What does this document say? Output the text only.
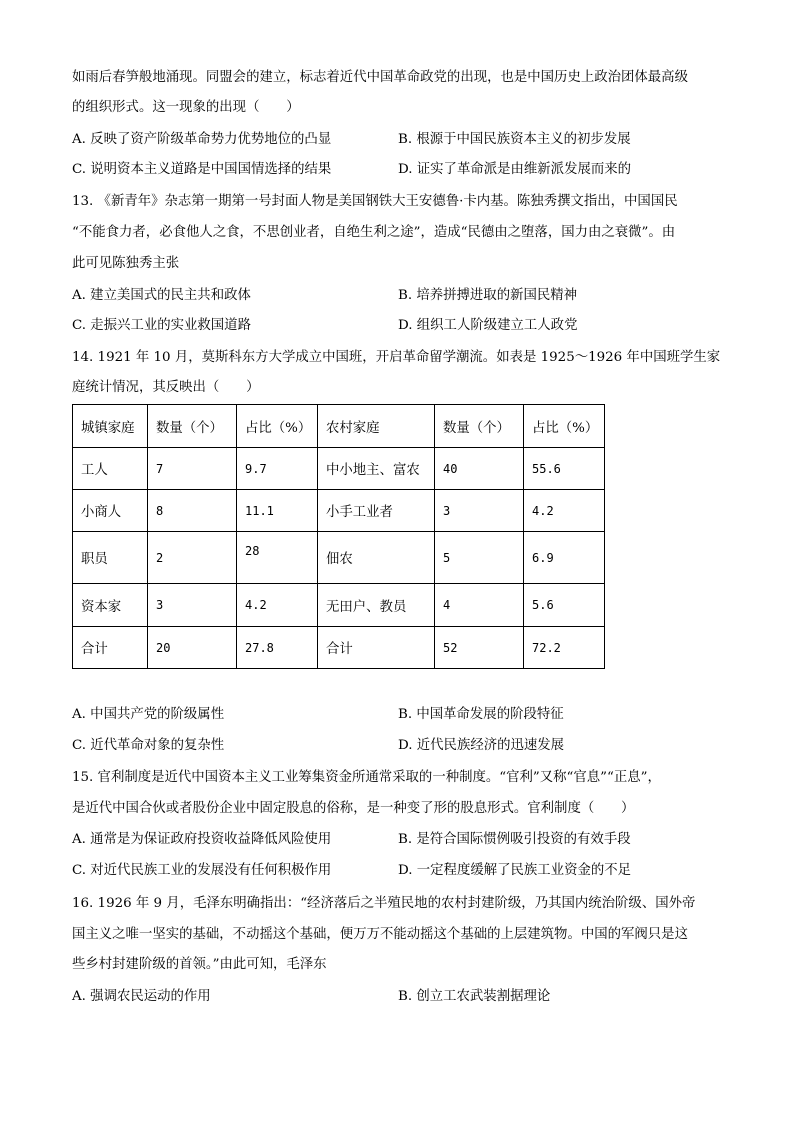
如雨后春笋般地涌现。同盟会的建立，标志着近代中国革命政党的出现，也是中国历史上政治团体最高级
的组织形式。这一现象的出现（　　）
A. 反映了资产阶级革命势力优势地位的凸显	B. 根源于中国民族资本主义的初步发展
C. 说明资本主义道路是中国国情选择的结果	D. 证实了革命派是由维新派发展而来的
13. 《新青年》杂志第一期第一号封面人物是美国钢铁大王安德鲁·卡内基。陈独秀撰文指出，中国国民
“不能食力者，必食他人之食，不思创业者，自绝生利之途”，造成“民德由之堕落，国力由之衰微”。由
此可见陈独秀主张
A. 建立美国式的民主共和政体	B. 培养拼搏进取的新国民精神
C. 走振兴工业的实业救国道路	D. 组织工人阶级建立工人政党
14. 1921 年 10 月，莫斯科东方大学成立中国班，开启革命留学潮流。如表是 1925～1926 年中国班学生家
庭统计情况，其反映出（　　）
城镇家庭	数量（个）	占比（%）	农村家庭	数量（个）	占比（%）
工人	7	9.7	中小地主、富农	40	55.6
小商人	8	11.1	小手工业者	3	4.2
职员	2	28	佃农	5	6.9
资本家	3	4.2	无田户、教员	4	5.6
合计	20	27.8	合计	52	72.2
A. 中国共产党的阶级属性	B. 中国革命发展的阶段特征
C. 近代革命对象的复杂性	D. 近代民族经济的迅速发展
15. 官利制度是近代中国资本主义工业筹集资金所通常采取的一种制度。“官利”又称“官息”“正息”，
是近代中国合伙或者股份企业中固定股息的俗称，是一种变了形的股息形式。官利制度（　　）
A. 通常是为保证政府投资收益降低风险使用	B. 是符合国际惯例吸引投资的有效手段
C. 对近代民族工业的发展没有任何积极作用	D. 一定程度缓解了民族工业资金的不足
16. 1926 年 9 月，毛泽东明确指出：“经济落后之半殖民地的农村封建阶级，乃其国内统治阶级、国外帝
国主义之唯一坚实的基础，不动摇这个基础，便万万不能动摇这个基础的上层建筑物。中国的军阀只是这
些乡村封建阶级的首领。”由此可知，毛泽东
A. 强调农民运动的作用	B. 创立工农武装割据理论
